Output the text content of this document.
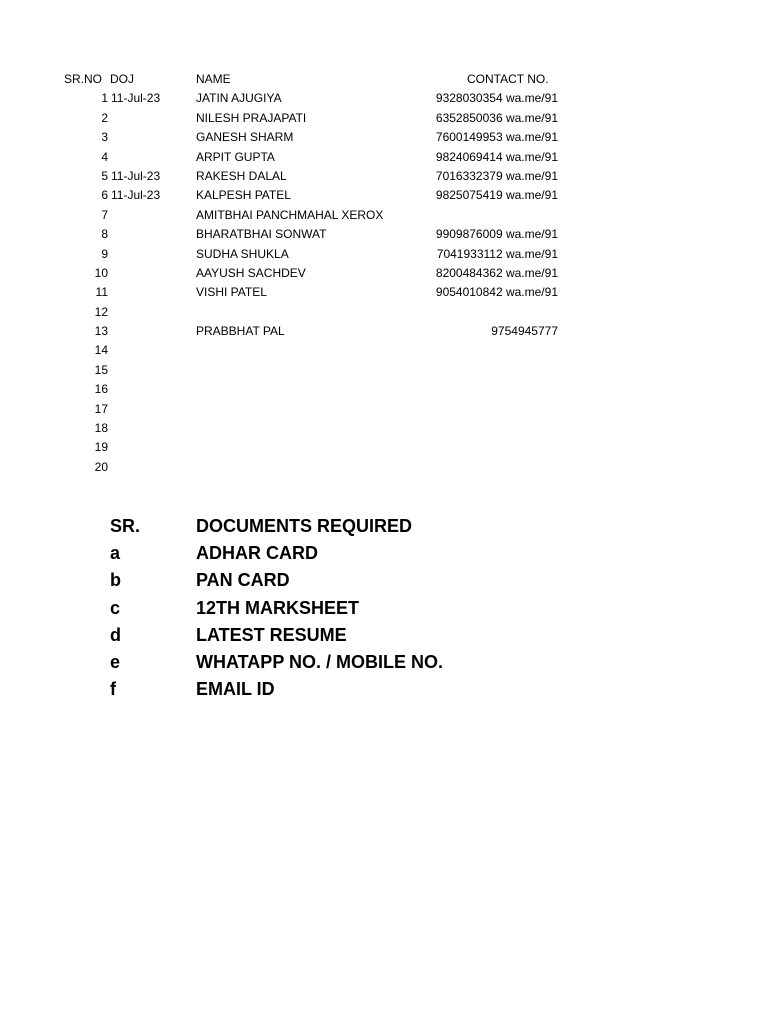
SR.NO DOJ	NAME	CONTACT NO.
1 11-Jul-23	JATIN AJUGIYA	9328030354 wa.me/91
2	NILESH PRAJAPATI	6352850036 wa.me/91
3	GANESH SHARM	7600149953 wa.me/91
4	ARPIT GUPTA	9824069414 wa.me/91
5 11-Jul-23	RAKESH DALAL	7016332379 wa.me/91
6 11-Jul-23	KALPESH PATEL	9825075419 wa.me/91
7	AMITBHAI PANCHMAHAL XEROX
8	BHARATBHAI SONWAT	9909876009 wa.me/91
9	SUDHA SHUKLA	7041933112 wa.me/91
10	AAYUSH SACHDEV	8200484362 wa.me/91
11	VISHI PATEL	9054010842 wa.me/91
12
13	PRABBHAT PAL	9754945777
14
15
16
17
18
19
20
SR.	DOCUMENTS REQUIRED
a	ADHAR CARD
b	PAN CARD
c	12TH MARKSHEET
d	LATEST RESUME
e	WHATAPP NO. / MOBILE NO.
f	EMAIL ID
